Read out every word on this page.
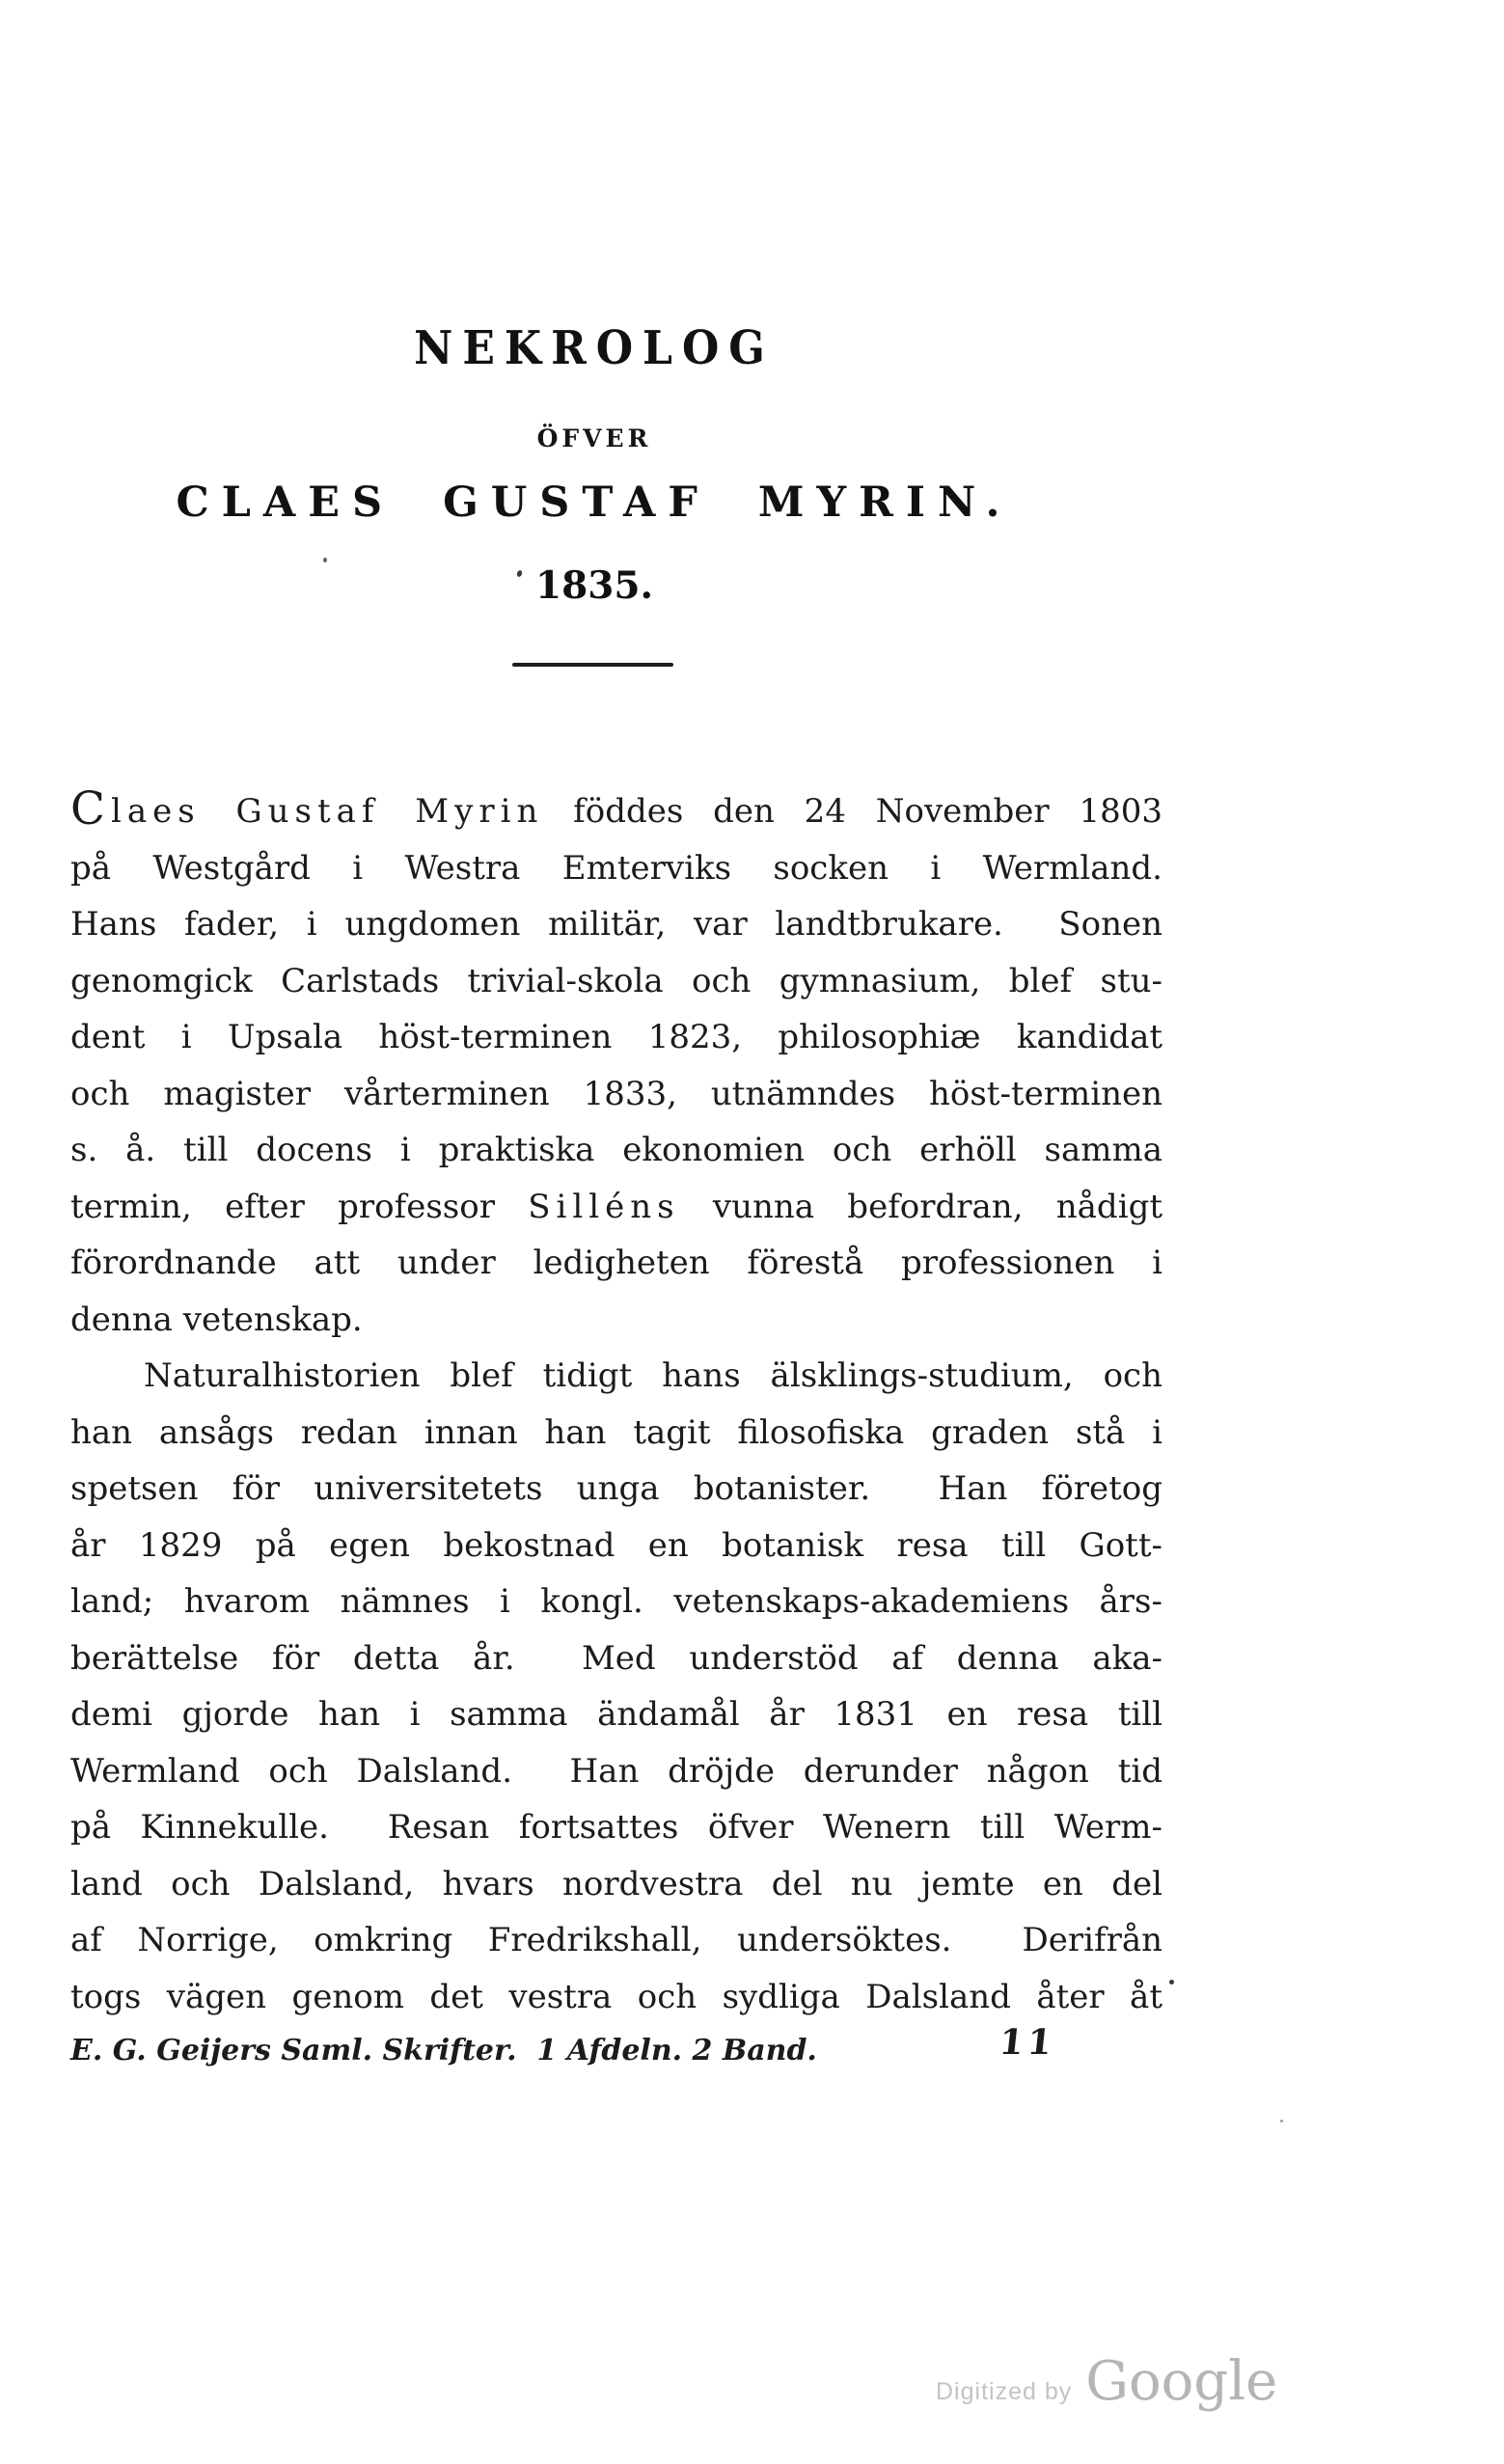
NEKROLOG
ÖFVER
CLAES GUSTAF MYRIN.
1835.
Claes Gustaf Myrin föddes den 24 November 1803
på Westgård i Westra Emterviks socken i Wermland.
Hans fader, i ungdomen militär, var landtbrukare.  Sonen
genomgick Carlstads trivial-skola och gymnasium, blef stu-
dent i Upsala höst-terminen 1823, philosophiæ kandidat
och magister vårterminen 1833, utnämndes höst-terminen
s. å. till docens i praktiska ekonomien och erhöll samma
termin, efter professor Silléns vunna befordran, nådigt
förordnande att under ledigheten förestå professionen i
denna vetenskap.
Naturalhistorien blef tidigt hans älsklings-studium, och
han ansågs redan innan han tagit filosofiska graden stå i
spetsen för universitetets unga botanister.  Han företog
år 1829 på egen bekostnad en botanisk resa till Gott-
land; hvarom nämnes i kongl. vetenskaps-akademiens års-
berättelse för detta år.  Med understöd af denna aka-
demi gjorde han i samma ändamål år 1831 en resa till
Wermland och Dalsland.  Han dröjde derunder någon tid
på Kinnekulle.  Resan fortsattes öfver Wenern till Werm-
land och Dalsland, hvars nordvestra del nu jemte en del
af Norrige, omkring Fredrikshall, undersöktes.  Derifrån
togs vägen genom det vestra och sydliga Dalsland åter åt
E. G. Geijers Saml. Skrifter.  1 Afdeln. 2 Band.	11
Digitized by Google
